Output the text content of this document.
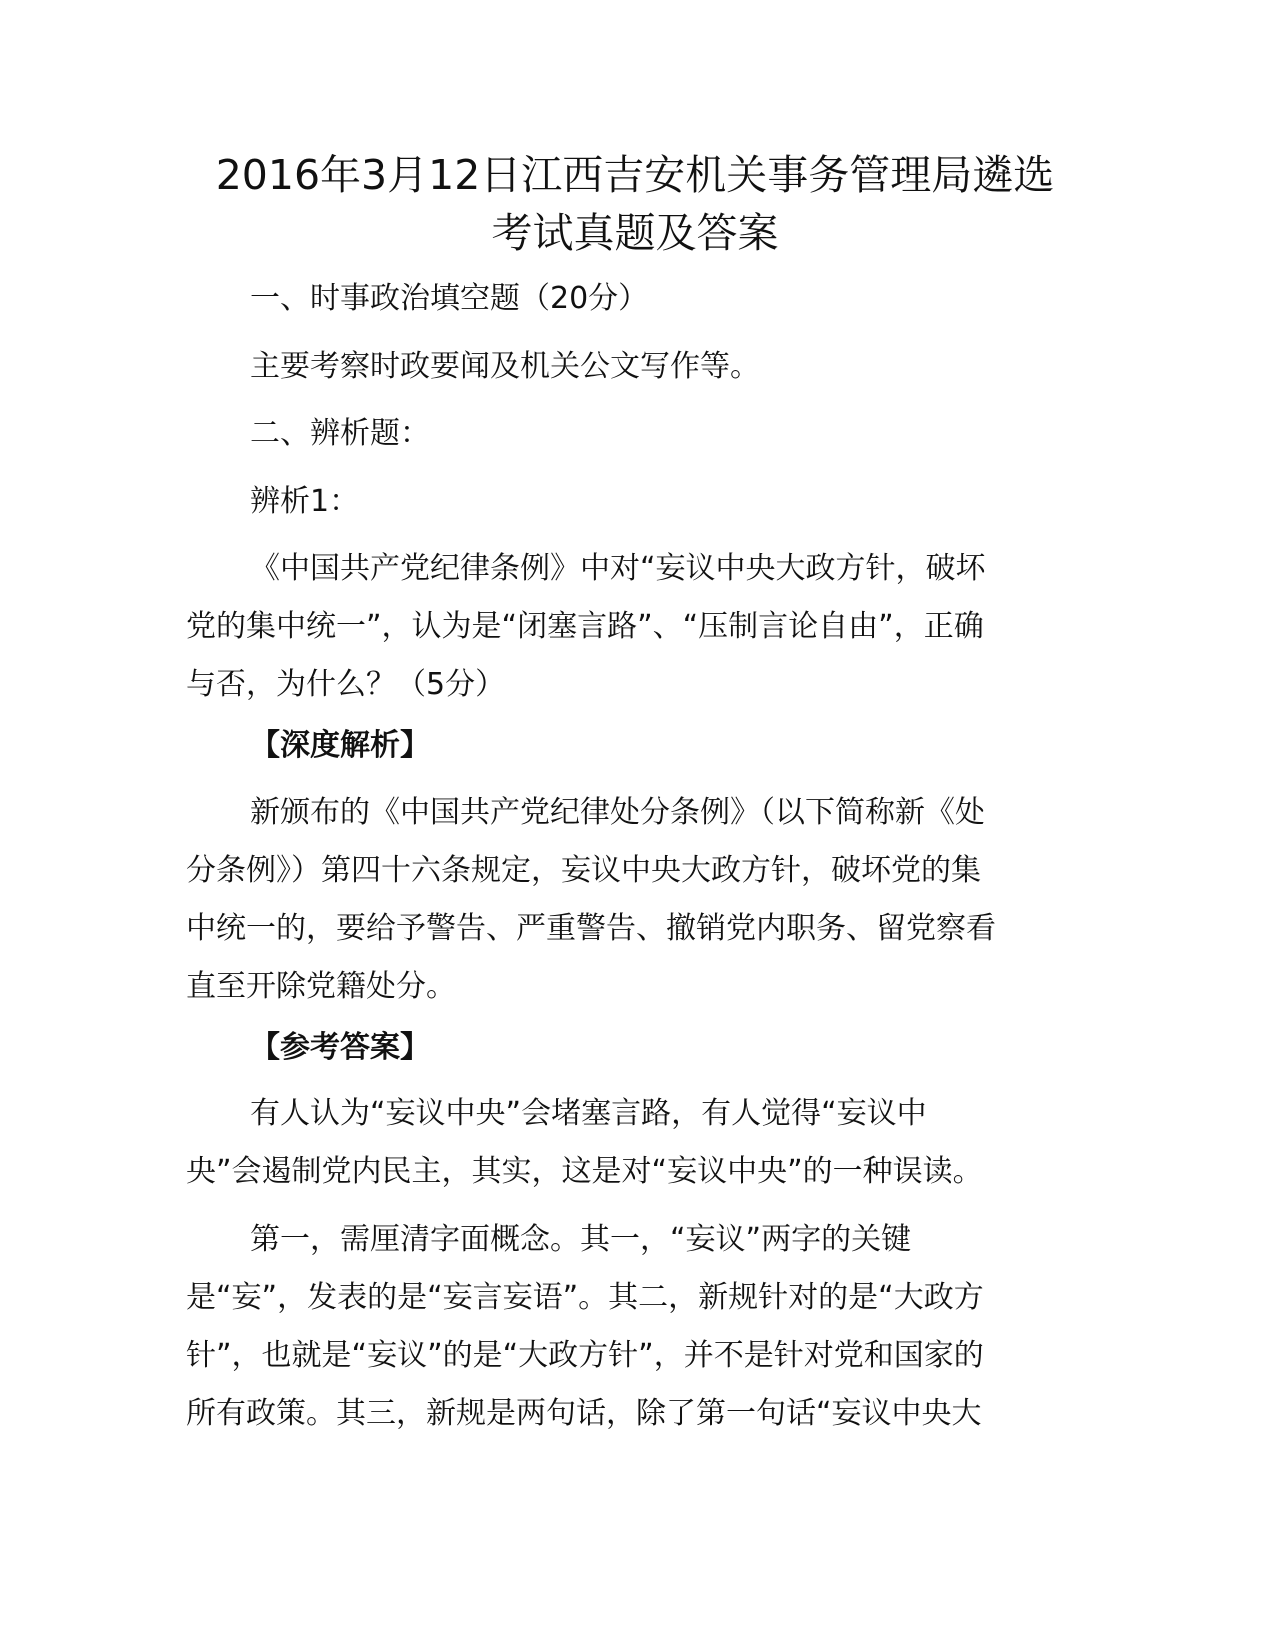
2016年3月12日江西吉安机关事务管理局遴选
考试真题及答案
一、时事政治填空题（20分）
主要考察时政要闻及机关公文写作等。
二、辨析题：
辨析1：
《中国共产党纪律条例》中对“妄议中央大政方针，破坏
党的集中统一”，认为是“闭塞言路”、“压制言论自由”，正确
与否，为什么？（5分）
【深度解析】
新颁布的《中国共产党纪律处分条例》（以下简称新《处
分条例》）第四十六条规定，妄议中央大政方针，破坏党的集
中统一的，要给予警告、严重警告、撤销党内职务、留党察看
直至开除党籍处分。
【参考答案】
有人认为“妄议中央”会堵塞言路，有人觉得“妄议中
央”会遏制党内民主，其实，这是对“妄议中央”的一种误读。
第一，需厘清字面概念。其一，“妄议”两字的关键
是“妄”，发表的是“妄言妄语”。其二，新规针对的是“大政方
针”，也就是“妄议”的是“大政方针”，并不是针对党和国家的
所有政策。其三，新规是两句话，除了第一句话“妄议中央大
